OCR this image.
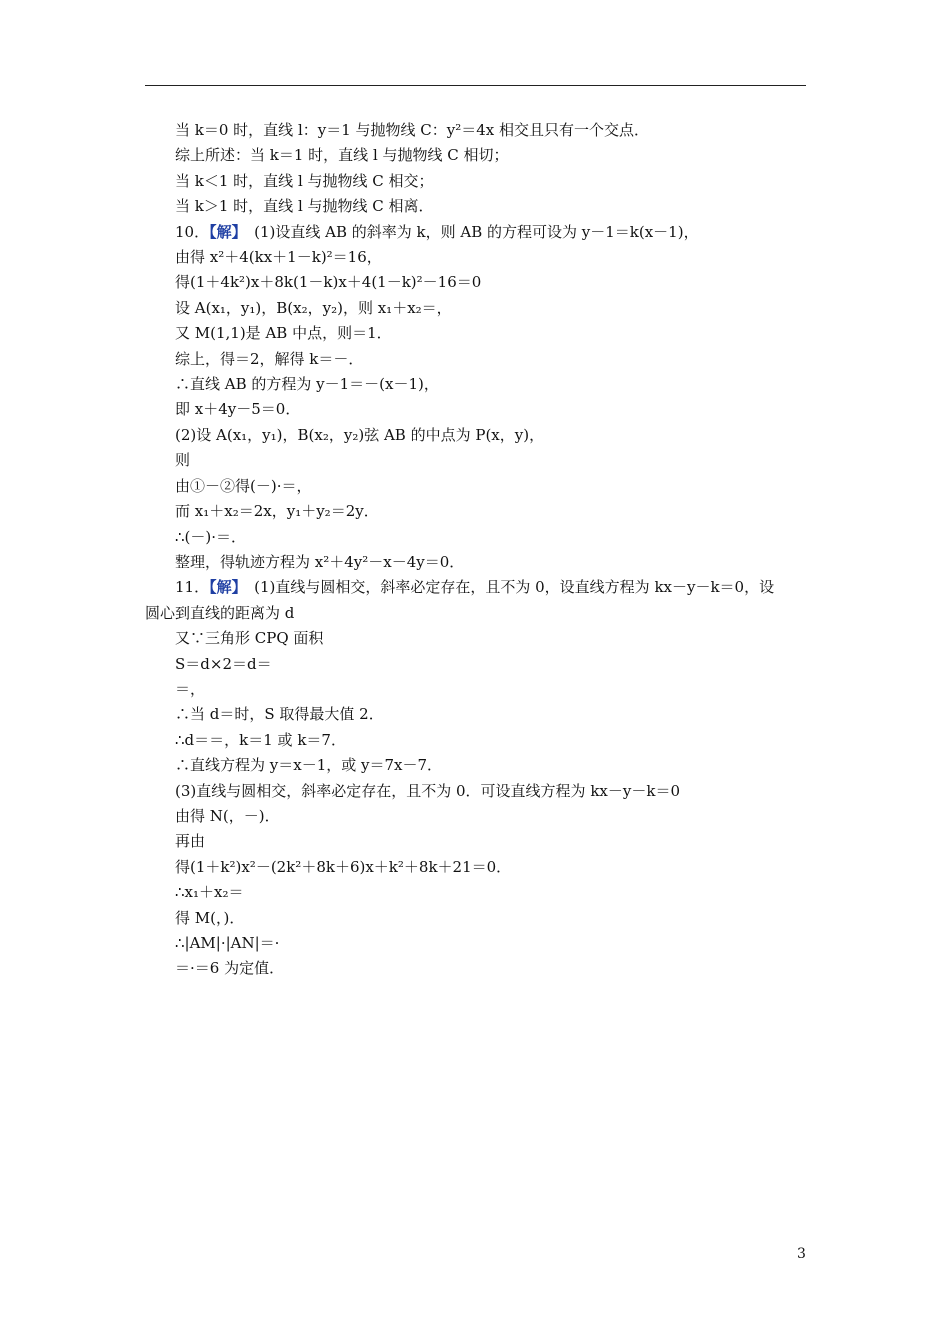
当 k＝0 时，直线 l：y＝1 与抛物线 C：y²＝4x 相交且只有一个交点．
综上所述：当 k＝1 时，直线 l 与抛物线 C 相切；
当 k＜1 时，直线 l 与抛物线 C 相交；
当 k＞1 时，直线 l 与抛物线 C 相离．
10．【解】　(1)设直线 AB 的斜率为 k，则 AB 的方程可设为 y－1＝k(x－1)，
由得 x²＋4(kx＋1－k)²＝16，
得(1＋4k²)x＋8k(1－k)x＋4(1－k)²－16＝0
设 A(x₁，y₁)，B(x₂，y₂)，则 x₁＋x₂＝，
又 M(1,1)是 AB 中点，则＝1．
综上，得＝2，解得 k＝－．
∴直线 AB 的方程为 y－1＝－(x－1)，
即 x＋4y－5＝0．
(2)设 A(x₁，y₁)，B(x₂，y₂)弦 AB 的中点为 P(x，y)，
则
由①－②得(－)·＝，
而 x₁＋x₂＝2x，y₁＋y₂＝2y．
∴(－)·＝．
整理，得轨迹方程为 x²＋4y²－x－4y＝0．
11．【解】　(1)直线与圆相交，斜率必定存在，且不为 0，设直线方程为 kx－y－k＝0，设
圆心到直线的距离为 d
又∵三角形 CPQ 面积
S＝d×2＝d＝
＝，
∴当 d＝时，S 取得最大值 2．
∴d＝＝，k＝1 或 k＝7．
∴直线方程为 y＝x－1，或 y＝7x－7．
(3)直线与圆相交，斜率必定存在，且不为 0．可设直线方程为 kx－y－k＝0
由得 N(，－)．
再由
得(1＋k²)x²－(2k²＋8k＋6)x＋k²＋8k＋21＝0．
∴x₁＋x₂＝
得 M(，)．
∴|AM|·|AN|＝·
＝·＝6 为定值．
3
